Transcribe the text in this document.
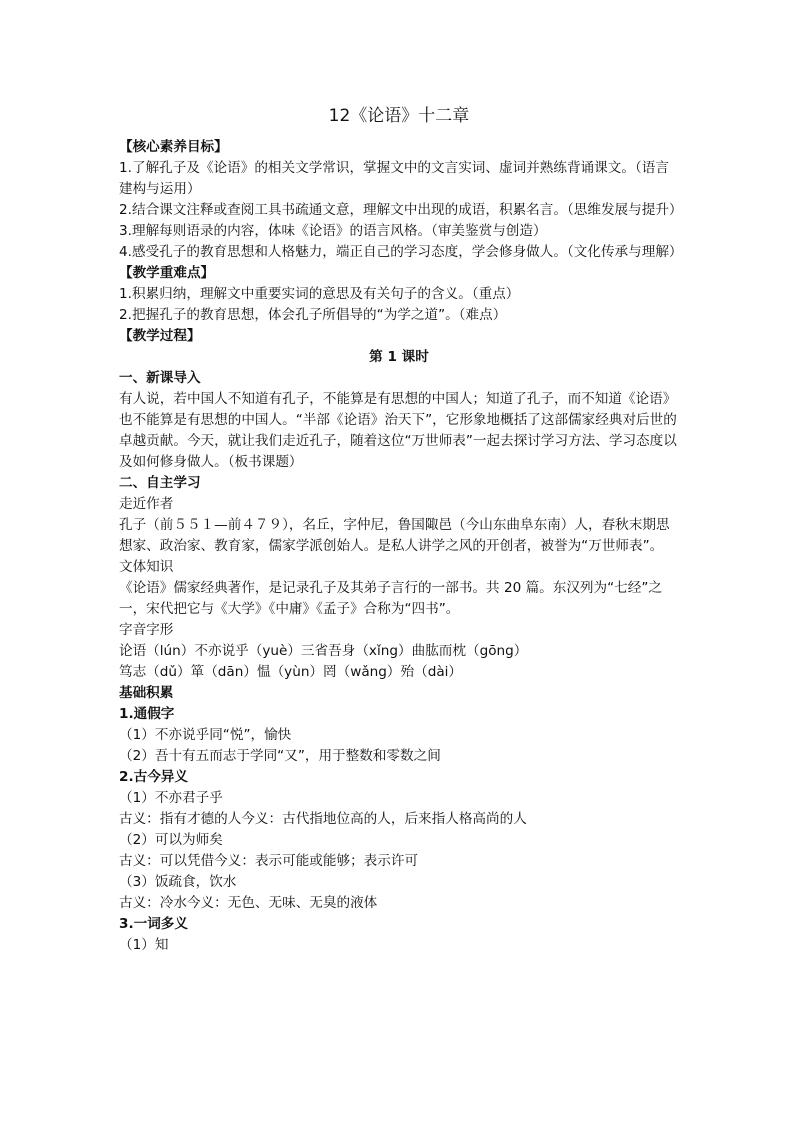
12《论语》十二章
【核心素养目标】
1.了解孔子及《论语》的相关文学常识，掌握文中的文言实词、虚词并熟练背诵课文。（语言建构与运用）
2.结合课文注释或查阅工具书疏通文意，理解文中出现的成语，积累名言。（思维发展与提升）
3.理解每则语录的内容，体味《论语》的语言风格。（审美鉴赏与创造）
4.感受孔子的教育思想和人格魅力，端正自己的学习态度，学会修身做人。（文化传承与理解）
【教学重难点】
1.积累归纳，理解文中重要实词的意思及有关句子的含义。（重点）
2.把握孔子的教育思想，体会孔子所倡导的“为学之道”。（难点）
【教学过程】
第 1 课时
一、新课导入
有人说，若中国人不知道有孔子，不能算是有思想的中国人；知道了孔子，而不知道《论语》也不能算是有思想的中国人。“半部《论语》治天下”，它形象地概括了这部儒家经典对后世的卓越贡献。今天，就让我们走近孔子，随着这位“万世师表”一起去探讨学习方法、学习态度以及如何修身做人。（板书课题）
二、自主学习
走近作者
孔子（前５５１—前４７９），名丘，字仲尼，鲁国陬邑（今山东曲阜东南）人，春秋末期思想家、政治家、教育家，儒家学派创始人。是私人讲学之风的开创者，被誉为“万世师表”。
文体知识
《论语》儒家经典著作，是记录孔子及其弟子言行的一部书。共 20 篇。东汉列为“七经”之一，宋代把它与《大学》《中庸》《孟子》合称为“四书”。
字音字形
论语（lún）不亦说乎（yuè）三省吾身（xǐng）曲肱而枕（gōng）
笃志（dǔ）箪（dān）愠（yùn）罔（wǎng）殆（dài）
基础积累
1.通假字
（1）不亦说乎同“悦”，愉快
（2）吾十有五而志于学同“又”，用于整数和零数之间
2.古今异义
（1）不亦君子乎
古义：指有才德的人今义：古代指地位高的人，后来指人格高尚的人
（2）可以为师矣
古义：可以凭借今义：表示可能或能够；表示许可
（3）饭疏食，饮水
古义：冷水今义：无色、无味、无臭的液体
3.一词多义
（1）知
